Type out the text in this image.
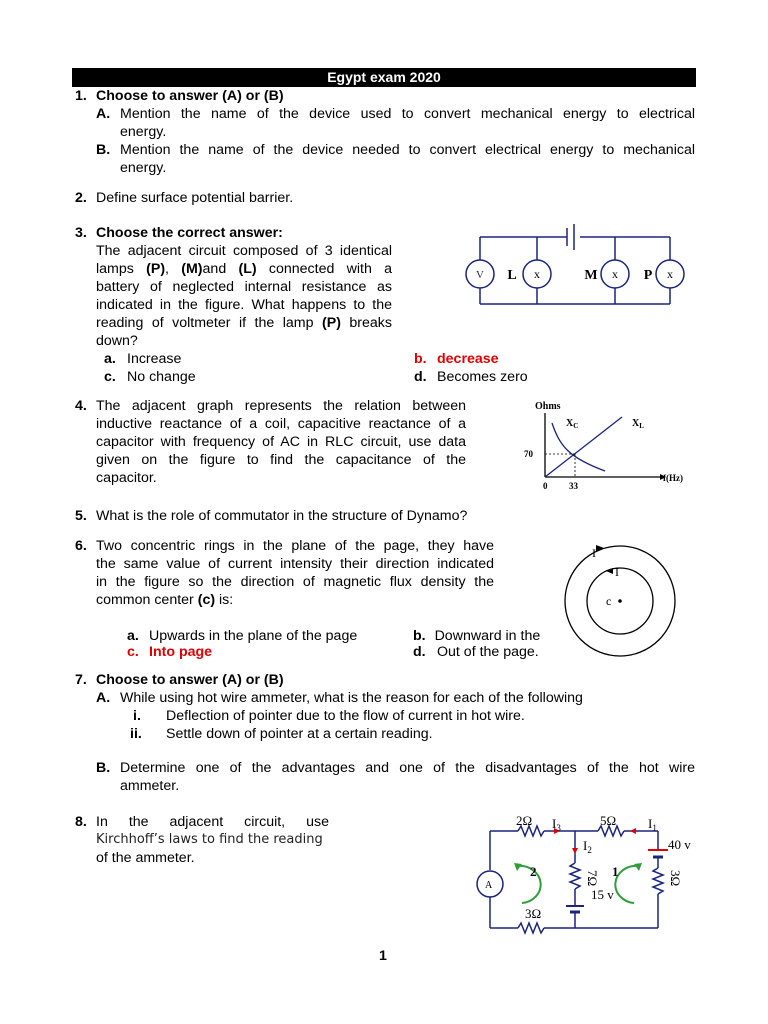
Egypt exam 2020
1. Choose to answer (A) or (B)
A. Mention the name of the device used to convert mechanical energy to electrical
energy.
B. Mention the name of the device needed to convert electrical energy to mechanical
energy.
2. Define surface potential barrier.
3. Choose the correct answer:
The adjacent circuit composed of 3 identical
lamps (P), (M)and (L) connected with a
battery of neglected internal resistance as
indicated in the figure. What happens to the
reading of voltmeter if the lamp (P) breaks
down?
a. Increase	b. decrease
c. No change	d. Becomes zero
V L x	M x P x
4. The adjacent graph represents the relation between
inductive reactance of a coil, capacitive reactance of a
capacitor with frequency of AC in RLC circuit, use data
given on the figure to find the capacitance of the
capacitor.
Ohms
$X_C$	$X_L$
70
33
0
f(Hz)
5. What is the role of commutator in the structure of Dynamo?
6. Two concentric rings in the plane of the page, they have
the same value of current intensity their direction indicated
in the figure so the direction of magnetic flux density the
common center (c) is:
a. Upwards in the plane of the page	b. Downward in the
c. Into page	d. Out of the page.
I
I
c
7. Choose to answer (A) or (B)
A. While using hot wire ammeter, what is the reason for each of the following
i. Deflection of pointer due to the flow of current in hot wire.
ii. Settle down of pointer at a certain reading.
B. Determine one of the advantages and one of the disadvantages of the hot wire
ammeter.
8. In the adjacent circuit, use
Kirchhoff’s laws to find the reading
of the ammeter.
2Ω $I_3$	5Ω $I_1$
$I_2$
7Ω
40 v
15 v
3Ω
3Ω
A
2	1
1
